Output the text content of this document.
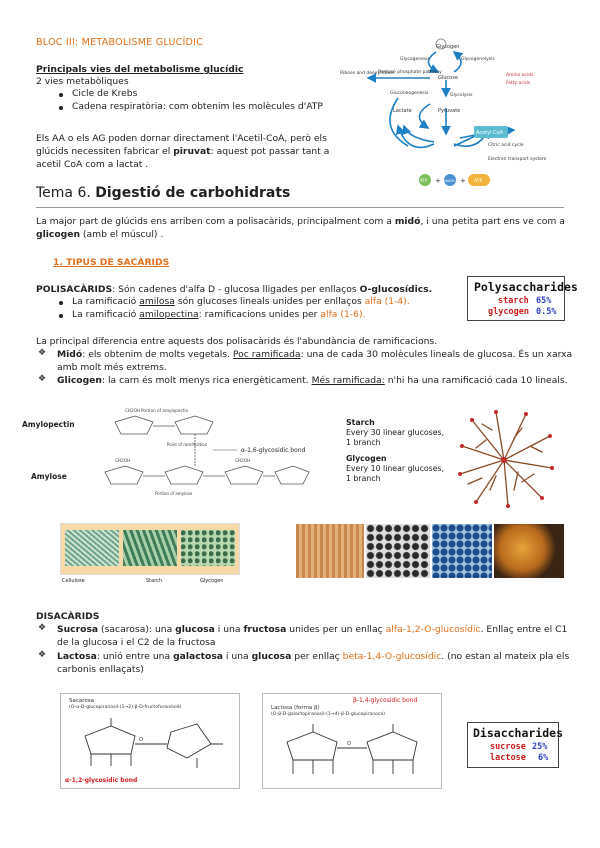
BLOC III: METABOLISME GLUCÍDIC
Principals vies del metabolisme glucídic
2 vies metabòliques
Cicle de Krebs
Cadena respiratòria: com obtenim les molècules d'ATP
Els AA o els AG poden dornar directament l'Acetil-CoA, però els
glúcids necessiten fabricar el piruvat: aquest pot passar tant a
acetil CoA com a lactat .
Glycogen
Glycogenesis	Glycogenolysis
Pentose phosphate pathway
Ribose and deoxyribose
Glucose
Gluconeogenesis	Glycolysis
Lactate	Pyruvate
Amino acids
Fatty acids
Acetyl CoA
Citric acid cycle
Electron transport system
ATP + NADH + ATP
Tema 6. Digestió de carbohidrats
La major part de glúcids ens arriben com a polisacàrids, principalment com a midó, i una petita part ens ve com a
glicogen (amb el múscul) .
1. TIPUS DE SACÀRIDS
POLISACÀRIDS: Són cadenes d'alfa D - glucosa lligades per enllaços O-glucosídics.
La ramificació amilosa són glucoses lineals unides per enllaços alfa (1-4).
La ramificació amilopectina: ramificacions unides per alfa (1-6).
Polysaccharides
starch 65%
glycogen 0.5%
La principal diferencia entre aquests dos polisacàrids és l'abundància de ramificacions.
❖ Midó: els obtenim de molts vegetals. Poc ramificada: una de cada 30 molècules lineals de glucosa. És un xarxa
amb molt més extrems.
❖ Glicogen: la carn és molt menys rica energèticament. Més ramificada: n'hi ha una ramificació cada 10 lineals.
Amylopectin
Amylose
CH2OH Portion of amylopectin
Point of ramification
CH2OH	CH2OH
Portion of amylose
α-1,6-glycosidic bond
Starch
Every 30 linear glucoses,
1 branch
Glycogen
Every 10 linear glucoses,
1 branch
Cellulose	Starch	Glycogen
DISACÀRIDS
❖ Sucrosa (sacarosa): una glucosa i una fructosa unides per un enllaç alfa-1,2-O-glucosídic. Enllaç entre el C1
de la glucosa i el C2 de la fructosa
❖ Lactosa: unió entre una galactosa i una glucosa per enllaç beta-1,4-O-glucosídic. (no estan al mateix pla els
carbonis enllaçats)
Sacarosa
(O-α-D-glucopiranosil-(1→2)-β-D-fructofuranòsid)
O
α-1,2-glycosidic bond
β-1,4-glycosidic bond
Lactosa (forma β)
(O-β-D-galactopiranosil-(1→4)-β-D-glucopiranosa)
O
Disaccharides
sucrose 25%
lactose 6%
